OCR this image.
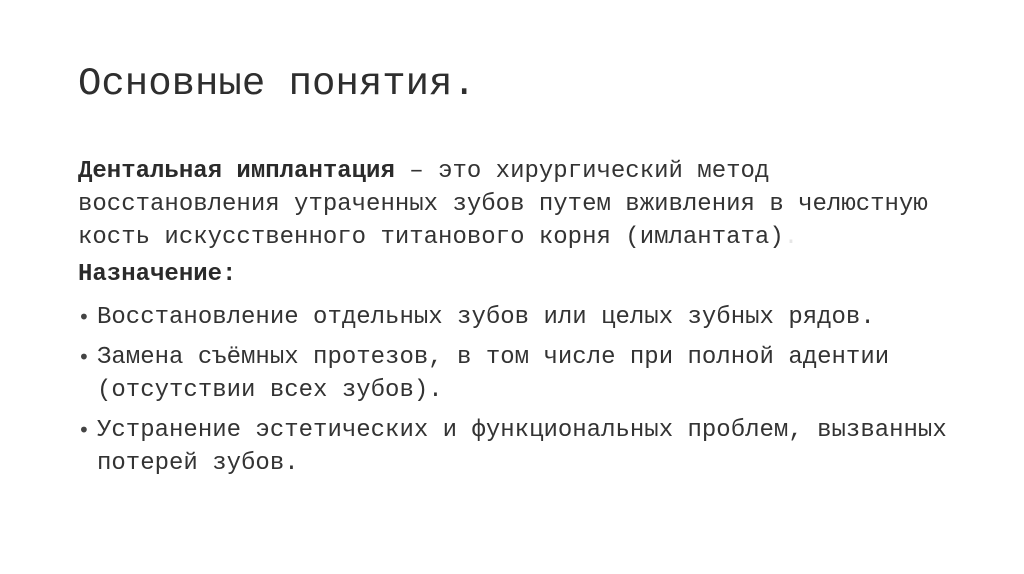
Основные понятия.

Дентальная имплантация – это хирургический метод восстановления утраченных зубов путем вживления в челюстную кость искусственного титанового корня (имлантата).

Назначение:

• Восстановление отдельных зубов или целых зубных рядов.
• Замена съёмных протезов, в том числе при полной адентии (отсутствии всех зубов).
• Устранение эстетических и функциональных проблем, вызванных потерей зубов.
